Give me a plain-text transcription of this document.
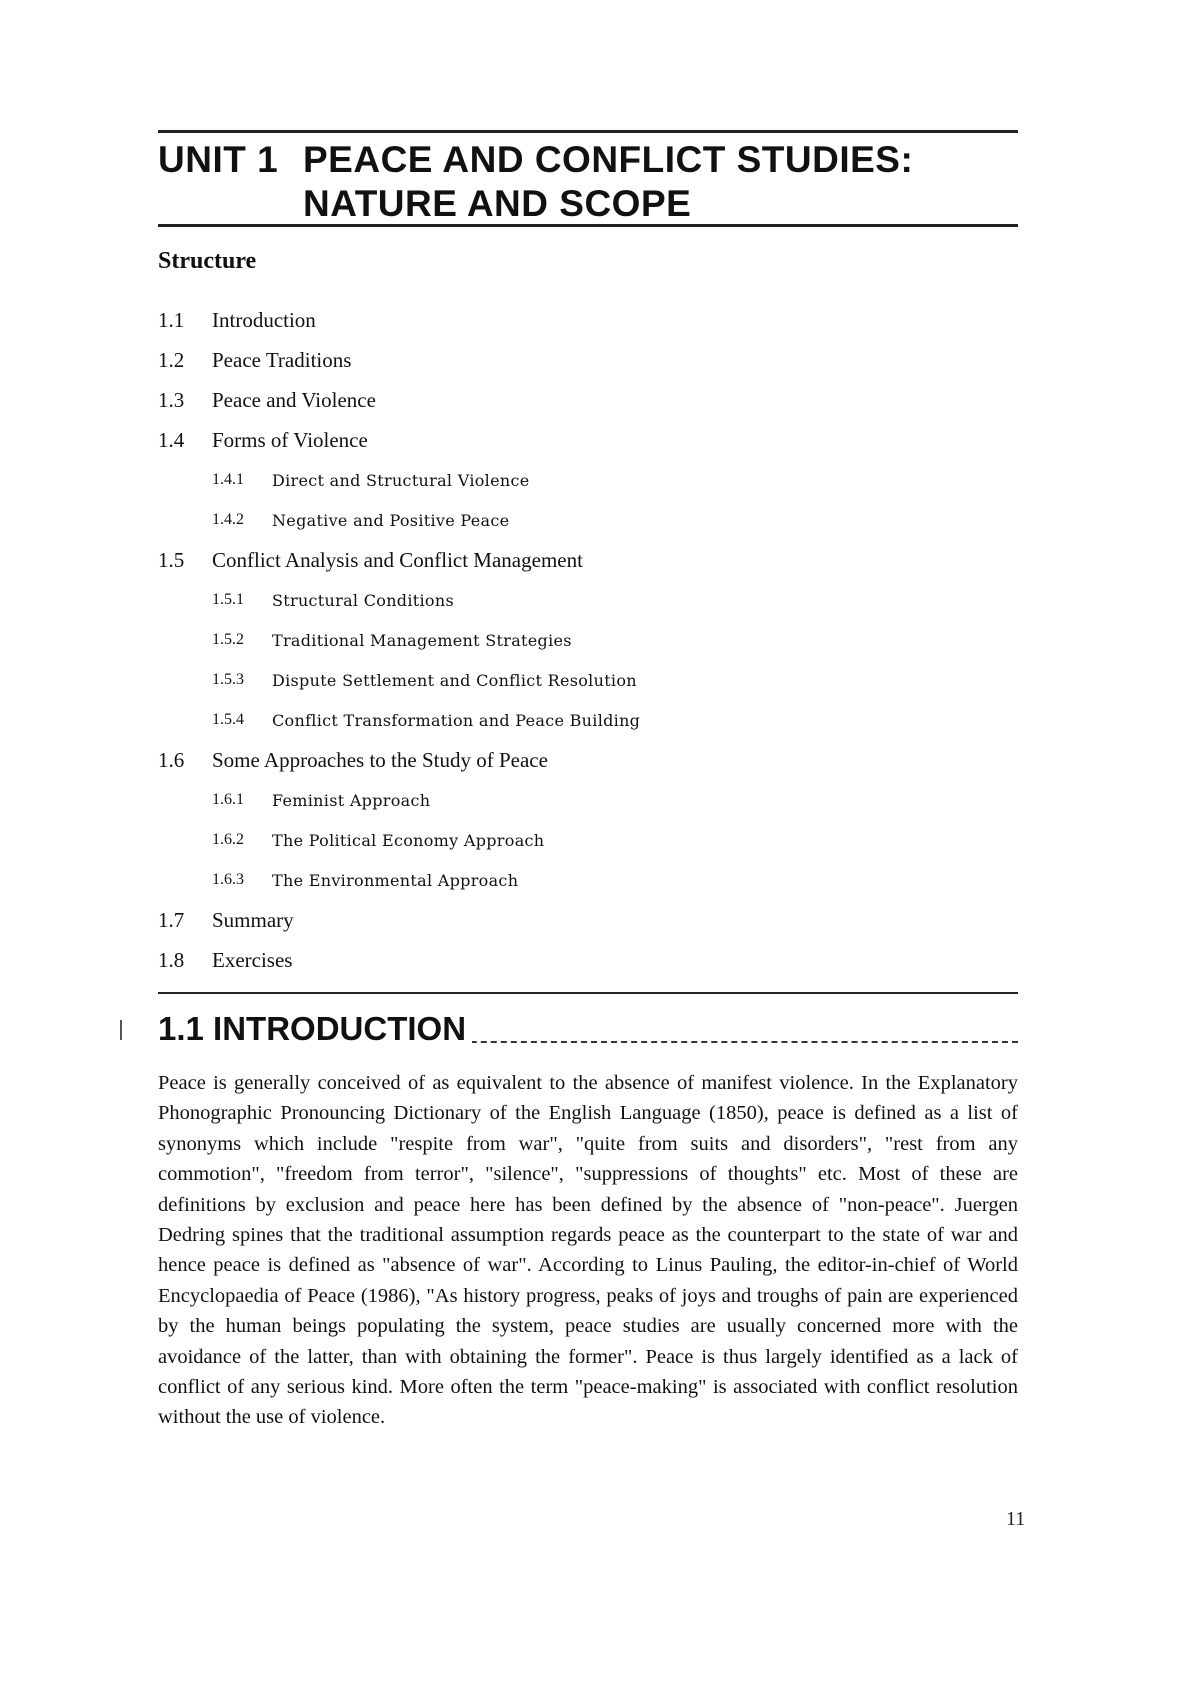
UNIT 1 PEACE AND CONFLICT STUDIES:
NATURE AND SCOPE
Structure
1.1 Introduction
1.2 Peace Traditions
1.3 Peace and Violence
1.4 Forms of Violence
1.4.1 Direct and Structural Violence
1.4.2 Negative and Positive Peace
1.5 Conflict Analysis and Conflict Management
1.5.1 Structural Conditions
1.5.2 Traditional Management Strategies
1.5.3 Dispute Settlement and Conflict Resolution
1.5.4 Conflict Transformation and Peace Building
1.6 Some Approaches to the Study of Peace
1.6.1 Feminist Approach
1.6.2 The Political Economy Approach
1.6.3 The Environmental Approach
1.7 Summary
1.8 Exercises
1.1 INTRODUCTION
Peace is generally conceived of as equivalent to the absence of manifest violence. In the Explanatory Phonographic Pronouncing Dictionary of the English Language (1850), peace is defined as a list of synonyms which include "respite from war", "quite from suits and disorders", "rest from any commotion", "freedom from terror", "silence", "suppressions of thoughts" etc. Most of these are definitions by exclusion and peace here has been defined by the absence of "non-peace". Juergen Dedring spines that the traditional assumption regards peace as the counterpart to the state of war and hence peace is defined as "absence of war". According to Linus Pauling, the editor-in-chief of World Encyclopaedia of Peace (1986), "As history progress, peaks of joys and troughs of pain are experienced by the human beings populating the system, peace studies are usually concerned more with the avoidance of the latter, than with obtaining the former". Peace is thus largely identified as a lack of conflict of any serious kind. More often the term "peace-making" is associated with conflict resolution without the use of violence.
11
